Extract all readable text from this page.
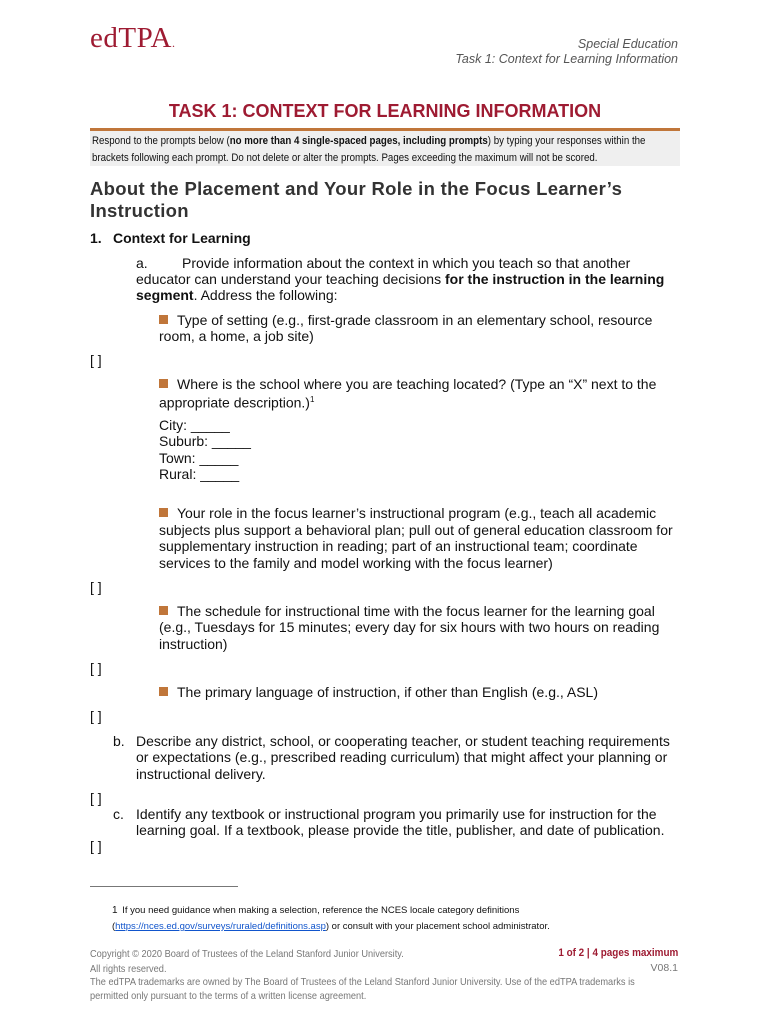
edTPA.	Special Education
Task 1: Context for Learning Information
TASK 1: CONTEXT FOR LEARNING INFORMATION
Respond to the prompts below (no more than 4 single-spaced pages, including prompts) by typing your responses within the brackets following each prompt. Do not delete or alter the prompts. Pages exceeding the maximum will not be scored.
About the Placement and Your Role in the Focus Learner’s Instruction
1. Context for Learning
a. Provide information about the context in which you teach so that another
educator can understand your teaching decisions for the instruction in the learning
segment. Address the following:
Type of setting (e.g., first-grade classroom in an elementary school, resource
room, a home, a job site)
[ ]
Where is the school where you are teaching located? (Type an “X” next to the
appropriate description.)$^1$
City: _____
Suburb: _____
Town: _____
Rural: _____
Your role in the focus learner’s instructional program (e.g., teach all academic
subjects plus support a behavioral plan; pull out of general education classroom for
supplementary instruction in reading; part of an instructional team; coordinate
services to the family and model working with the focus learner)
[ ]
The schedule for instructional time with the focus learner for the learning goal
(e.g., Tuesdays for 15 minutes; every day for six hours with two hours on reading
instruction)
[ ]
The primary language of instruction, if other than English (e.g., ASL)
[ ]
b. Describe any district, school, or cooperating teacher, or student teaching requirements
or expectations (e.g., prescribed reading curriculum) that might affect your planning or
instructional delivery.
[ ]
c. Identify any textbook or instructional program you primarily use for instruction for the
learning goal. If a textbook, please provide the title, publisher, and date of publication.
[ ]
1 If you need guidance when making a selection, reference the NCES locale category definitions
(https://nces.ed.gov/surveys/ruraled/definitions.asp) or consult with your placement school administrator.
Copyright © 2020 Board of Trustees of the Leland Stanford Junior University.
All rights reserved.
The edTPA trademarks are owned by The Board of Trustees of the Leland Stanford Junior University. Use of the edTPA trademarks is
permitted only pursuant to the terms of a written license agreement.
1 of 2 | 4 pages maximum
V08.1
